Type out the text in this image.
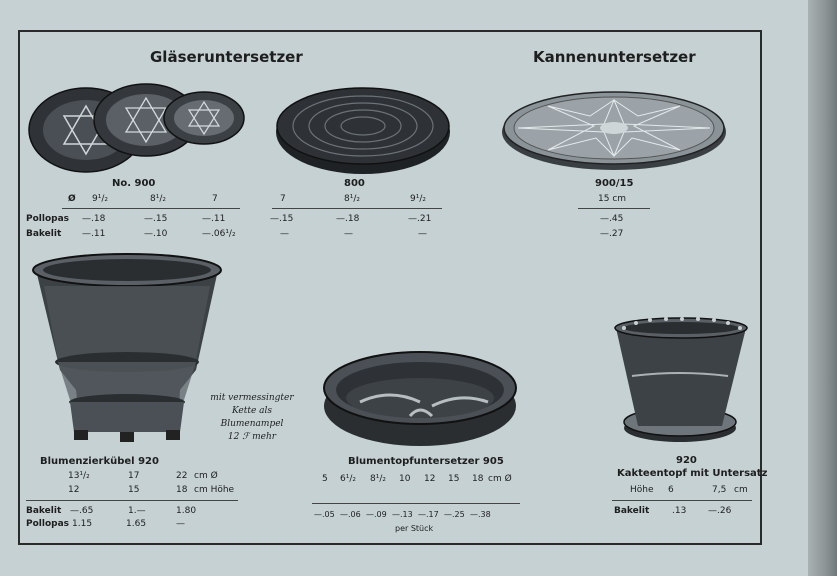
Gläseruntersetzer	Kannenuntersetzer
No. 900	800	900/15
Ø 9¹/₂	8¹/₂	7	7	8¹/₂	9¹/₂	15 cm
Pollopas —.18	—.15	—.11	—.15	—.18	—.21	—.45
Bakelit —.11	—.10	—.06¹/₂	—	—	—	—.27
mit vermessingter
Kette als
Blumenampel
12 ℱ mehr
Blumenzierkübel 920	Blumentopfuntersetzer 905	920
Kakteentopf mit Untersatz
13¹/₂	17	22 cm Ø
12	15	18 cm Höhe
Bakelit —.65	1.—	1.80
Pollopas 1.15	1.65	—
5 6¹/₂ 8¹/₂ 10 12 15 18 cm Ø
—.05 —.06 —.09 —.13 —.17 —.25 —.38
per Stück
Höhe 6	7,5 cm
Bakelit	.13 —.26
